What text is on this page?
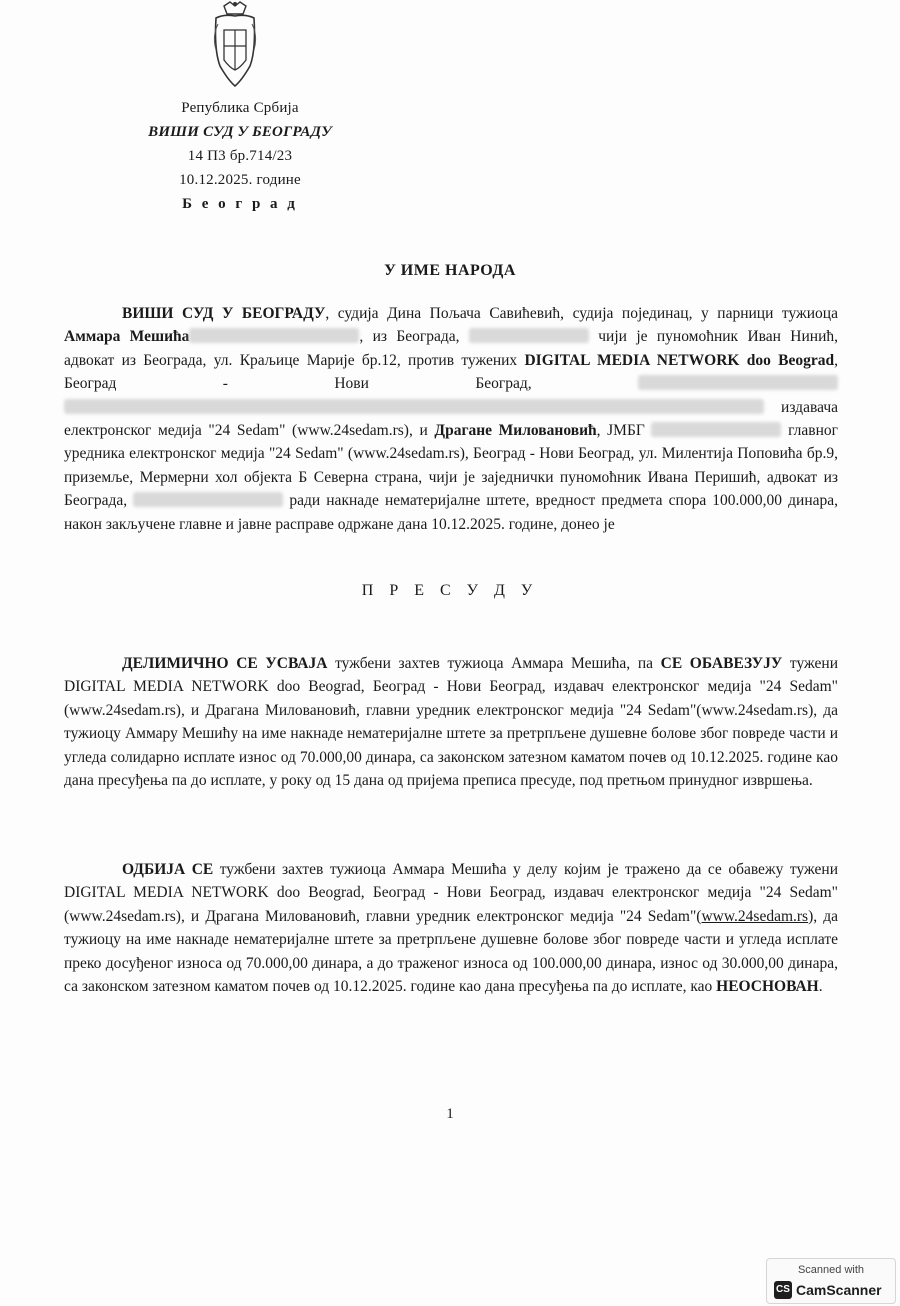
Република Србија
ВИШИ СУД У БЕОГРАДУ
14 П3 бр.714/23
10.12.2025. године
Б е о г р а д
У ИМЕ НАРОДА
ВИШИ СУД У БЕОГРАДУ, судија Дина Пољача Савићевић, судија појединац, у парници тужиоца Аммара Мешића	, из Београда,	чији је пуномоћник Иван Нинић, адвокат из Београда, ул. Краљице Марије бр.12, против тужених DIGITAL MEDIA NETWORK doo Beograd, Београд - Нови Београд,  издавача електронског медија "24 Sedam" (www.24sedam.rs), и Драгане Миловановић, ЈМБГ	главног уредника електронског медија "24 Sedam" (www.24sedam.rs), Београд - Нови Београд, ул. Милентија Поповића бр.9, приземље, Мермерни хол објекта Б Северна страна, чији је заједнички пуномоћник Ивана Перишић, адвокат из Београда,	ради накнаде нематеријалне штете, вредност предмета спора 100.000,00 динара, након закључене главне и јавне расправе одржане дана 10.12.2025. године, донео је
П Р Е С У Д У
ДЕЛИМИЧНО СЕ УСВАЈА тужбени захтев тужиоца Аммара Мешића, па СЕ ОБАВЕЗУЈУ тужени DIGITAL MEDIA NETWORK doo Beograd, Београд - Нови Београд, издавач електронског медија "24 Sedam"(www.24sedam.rs), и Драгана Миловановић, главни уредник електронског медија "24 Sedam"(www.24sedam.rs), да тужиоцу Аммару Мешићу на име накнаде нематеријалне штете за претрпљене душевне болове због повреде части и угледа солидарно исплате износ од 70.000,00 динара, са законском затезном каматом почев од 10.12.2025. године као дана пресуђења па до исплате, у року од 15 дана од пријема преписа пресуде, под претњом принудног извршења.
ОДБИЈА СЕ тужбени захтев тужиоца Аммара Мешића у делу којим је тражено да се обавежу тужени DIGITAL MEDIA NETWORK doo Beograd, Београд - Нови Београд, издавач електронског медија "24 Sedam" (www.24sedam.rs), и Драгана Миловановић, главни уредник електронског медија "24 Sedam"(www.24sedam.rs), да тужиоцу на име накнаде нематеријалне штете за претрпљене душевне болове због повреде части и угледа исплате преко досуђеног износа од 70.000,00 динара, а до траженог износа од 100.000,00 динара, износ од 30.000,00 динара, са законском затезном каматом почев од 10.12.2025. године као дана пресуђења па до исплате, као НЕОСНОВАН.
1
Scanned with
CS CamScanner
